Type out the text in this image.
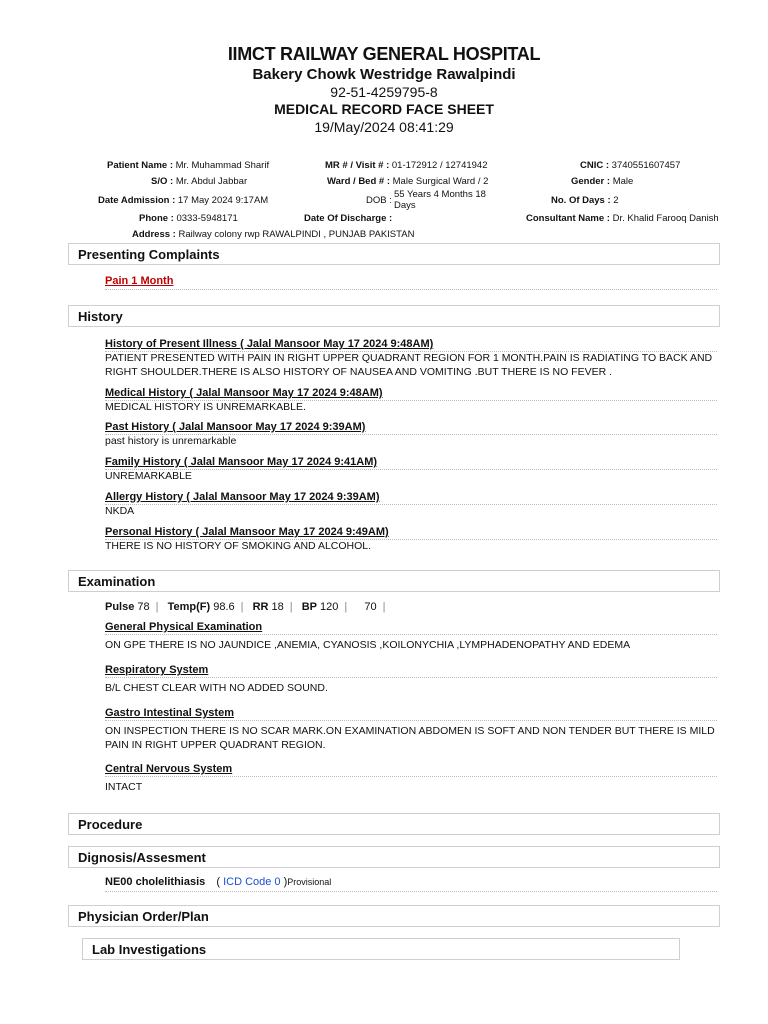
IIMCT RAILWAY GENERAL HOSPITAL
Bakery Chowk Westridge Rawalpindi
92-51-4259795-8
MEDICAL RECORD FACE SHEET
19/May/2024 08:41:29
Patient Name : Mr. Muhammad Sharif
S/O : Mr. Abdul Jabbar
Date Admission : 17 May 2024 9:17AM
Phone : 0333-5948171
Address : Railway colony rwp RAWALPINDI , PUNJAB PAKISTAN
MR # / Visit # : 01-172912 / 12741942
Ward / Bed # : Male Surgical Ward / 2
DOB :
55 Years 4 Months 18
Days
Date Of Discharge :
CNIC : 3740551607457
Gender : Male
No. Of Days : 2
Consultant Name : Dr. Khalid Farooq Danish
Presenting Complaints
Pain 1 Month
History
History of Present Illness ( Jalal Mansoor May 17 2024 9:48AM)
PATIENT PRESENTED WITH PAIN IN RIGHT UPPER QUADRANT REGION FOR 1 MONTH.PAIN IS RADIATING TO BACK AND RIGHT SHOULDER.THERE IS ALSO HISTORY OF NAUSEA AND VOMITING .BUT THERE IS NO FEVER .
Medical History ( Jalal Mansoor May 17 2024 9:48AM)
MEDICAL HISTORY IS UNREMARKABLE.
Past History ( Jalal Mansoor May 17 2024 9:39AM)
past history is unremarkable
Family History ( Jalal Mansoor May 17 2024 9:41AM)
UNREMARKABLE
Allergy History ( Jalal Mansoor May 17 2024 9:39AM)
NKDA
Personal History ( Jalal Mansoor May 17 2024 9:49AM)
THERE IS NO HISTORY OF SMOKING AND ALCOHOL.
Examination
Pulse 78 | Temp(F) 98.6 | RR 18 | BP 120 | 70 |
General Physical Examination
ON GPE THERE IS NO JAUNDICE ,ANEMIA, CYANOSIS ,KOILONYCHIA ,LYMPHADENOPATHY AND EDEMA
Respiratory System
B/L CHEST CLEAR WITH NO ADDED SOUND.
Gastro Intestinal System
ON INSPECTION THERE IS NO SCAR MARK.ON EXAMINATION ABDOMEN IS SOFT AND NON TENDER BUT THERE IS MILD PAIN IN RIGHT UPPER QUADRANT REGION.
Central Nervous System
INTACT
Procedure
Dignosis/Assesment
NE00 cholelithiasis ( ICD Code 0 )Provisional
Physician Order/Plan
Lab Investigations
